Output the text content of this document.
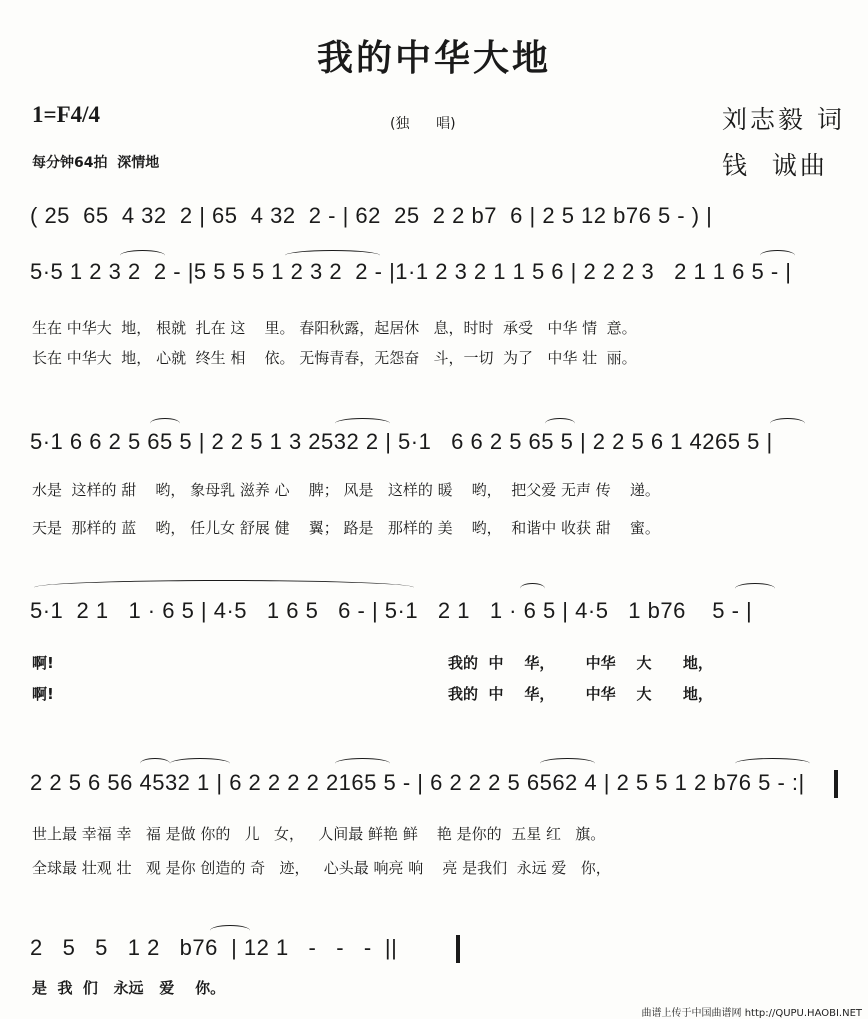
我的中华大地
1=F4/4	(独      唱)
每分钟64拍  深情地
刘志毅 词
钱  诚曲
( 25  65  4 32  2 | 65  4 32  2 - | 62  25  2 2 b7  6 | 2 5 12 b76 5 - ) |
5·5 1 2 3 2  2 - |5 5 5 5 1 2 3 2  2 - |1·1 2 3 2 1 1 5 6 | 2 2 2 3   2 1 1 6 5 - |
生在 中华大  地， 根就  扎在 这    里。 春阳秋露，起居休   息，时时  承受   中华 情  意。
长在 中华大  地， 心就  终生 相    依。 无悔青春，无怨奋   斗，一切  为了   中华 壮  丽。
5·1 6 6 2 5 65 5 | 2 2 5 1 3 2532 2 | 5·1   6 6 2 5 65 5 | 2 2 5 6 1 4265 5 |
水是  这样的 甜    哟， 象母乳 滋养 心    脾； 风是   这样的 暖    哟，  把父爱 无声 传    递。
天是  那样的 蓝    哟， 任儿女 舒展 健    翼； 路是   那样的 美    哟，  和谐中 收获 甜    蜜。
5·1  2 1   1 · 6 5 | 4·5   1 6 5   6 - | 5·1   2 1   1 · 6 5 | 4·5   1 b76    5 - |
啊!
啊!
我的  中    华，      中华    大      地，
我的  中    华，      中华    大      地，
2 2 5 6 56 4532 1 | 6 2 2 2 2 2165 5 - | 6 2 2 2 5 6562 4 | 2 5 5 1 2 b76 5 - :|
世上最 幸福 幸   福 是做 你的   儿   女，   人间最 鲜艳 鲜    艳 是你的  五星 红   旗。
全球最 壮观 壮   观 是你 创造的 奇   迹，   心头最 响亮 响    亮 是我们  永远 爱   你，
2   5   5   1 2   b76  | 12 1   -   -   -  ||
是  我  们   永远   爱    你。
曲谱上传于中国曲谱网 http://QUPU.HAOBI.NET
